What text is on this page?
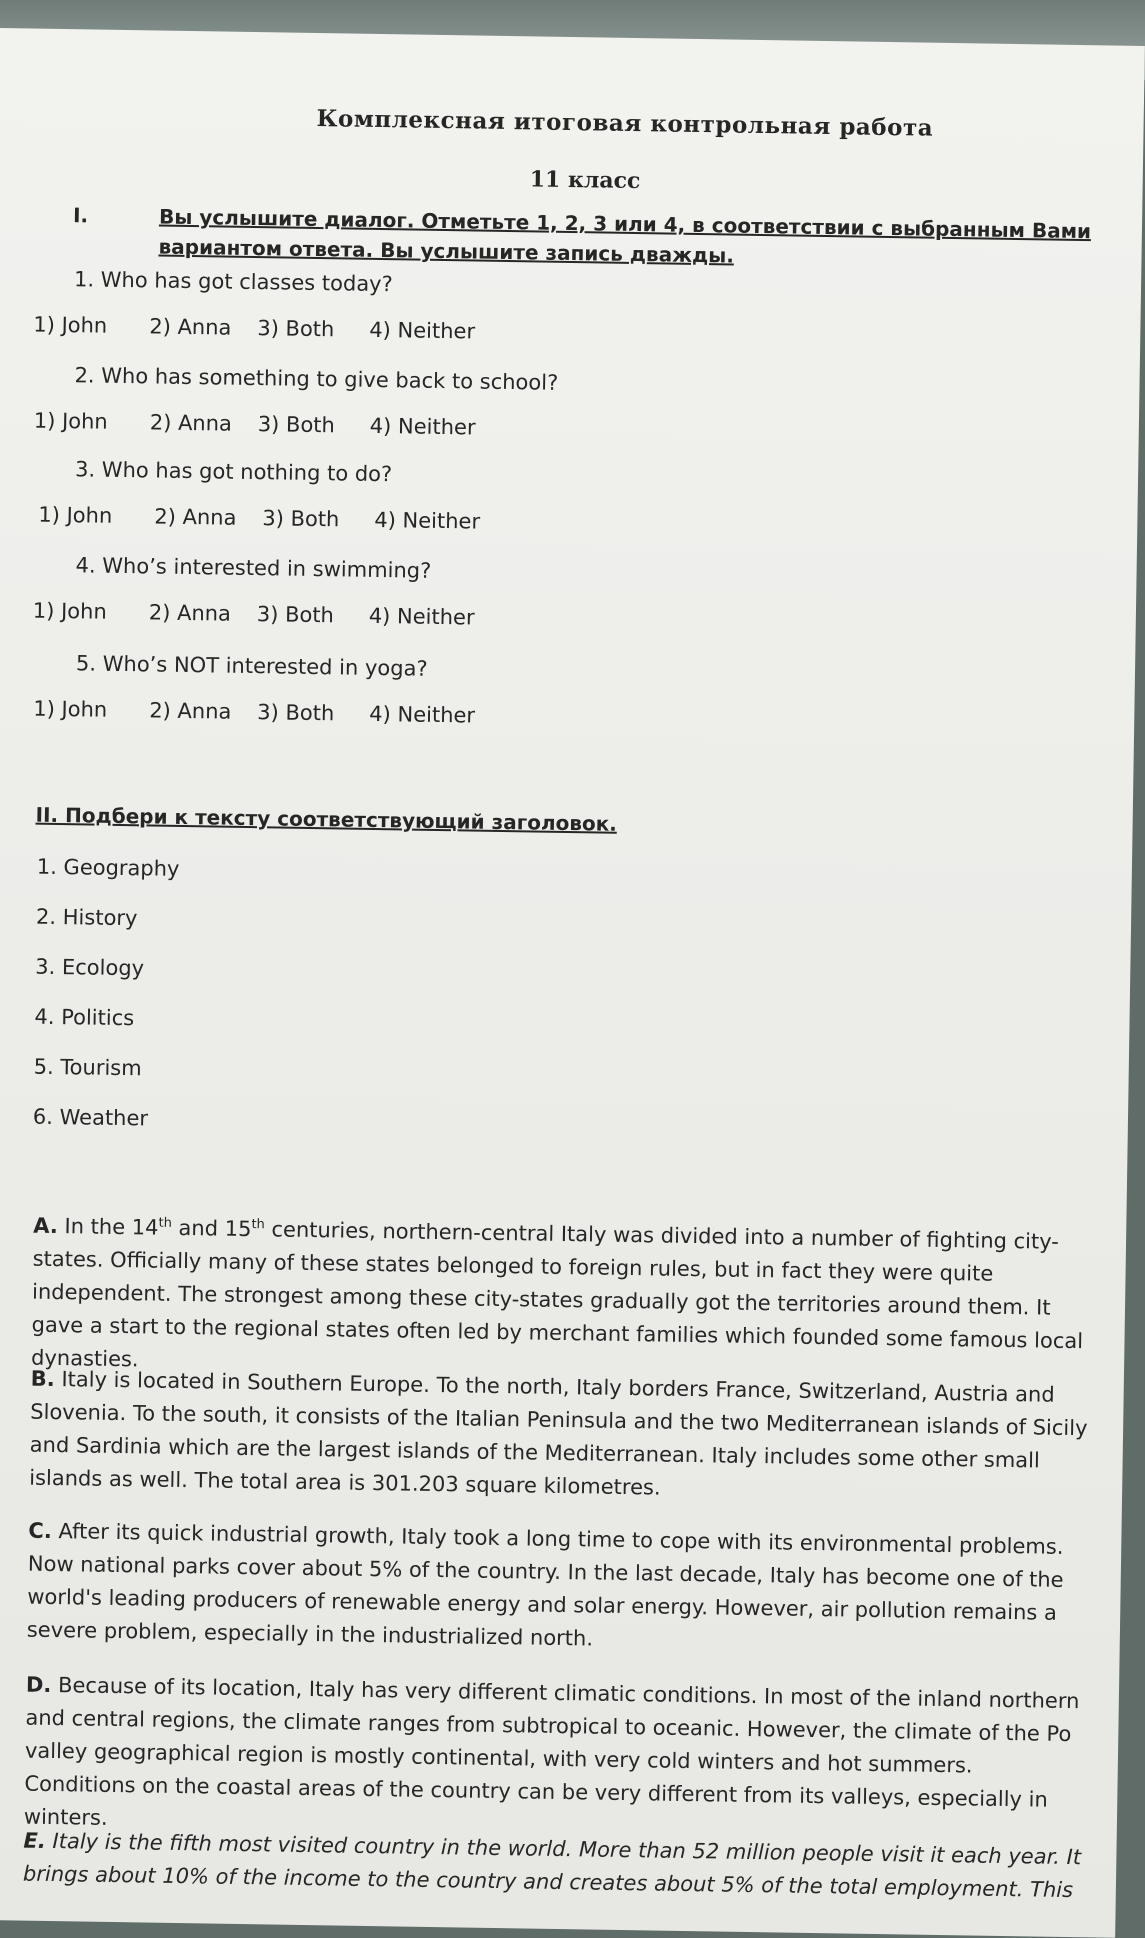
Комплексная итоговая контрольная работа
11 класс
I.	Вы услышите диалог. Отметьте 1, 2, 3 или 4, в соответствии с выбранным Вами
вариантом ответа. Вы услышите запись дважды.
1. Who has got classes today?
1) John 2) Anna 3) Both 4) Neither
2. Who has something to give back to school?
1) John 2) Anna 3) Both 4) Neither
3. Who has got nothing to do?
1) John 2) Anna 3) Both 4) Neither
4. Who’s interested in swimming?
1) John 2) Anna 3) Both 4) Neither
5. Who’s NOT interested in yoga?
1) John 2) Anna 3) Both 4) Neither
II. Подбери к тексту соответствующий заголовок.
1. Geography
2. History
3. Ecology
4. Politics
5. Tourism
6. Weather
A. In the 14th and 15th centuries, northern-central Italy was divided into a number of fighting city-states. Officially many of these states belonged to foreign rules, but in fact they were quite independent. The strongest among these city-states gradually got the territories around them. It gave a start to the regional states often led by merchant families which founded some famous local dynasties.
B. Italy is located in Southern Europe. To the north, Italy borders France, Switzerland, Austria and Slovenia. To the south, it consists of the Italian Peninsula and the two Mediterranean islands of Sicily and Sardinia which are the largest islands of the Mediterranean. Italy includes some other small islands as well. The total area is 301.203 square kilometres.
C. After its quick industrial growth, Italy took a long time to cope with its environmental problems. Now national parks cover about 5% of the country. In the last decade, Italy has become one of the world's leading producers of renewable energy and solar energy. However, air pollution remains a severe problem, especially in the industrialized north.
D. Because of its location, Italy has very different climatic conditions. In most of the inland northern and central regions, the climate ranges from subtropical to oceanic. However, the climate of the Po valley geographical region is mostly continental, with very cold winters and hot summers. Conditions on the coastal areas of the country can be very different from its valleys, especially in winters.
E. Italy is the fifth most visited country in the world. More than 52 million people visit it each year. It brings about 10% of the income to the country and creates about 5% of the total employment. This
